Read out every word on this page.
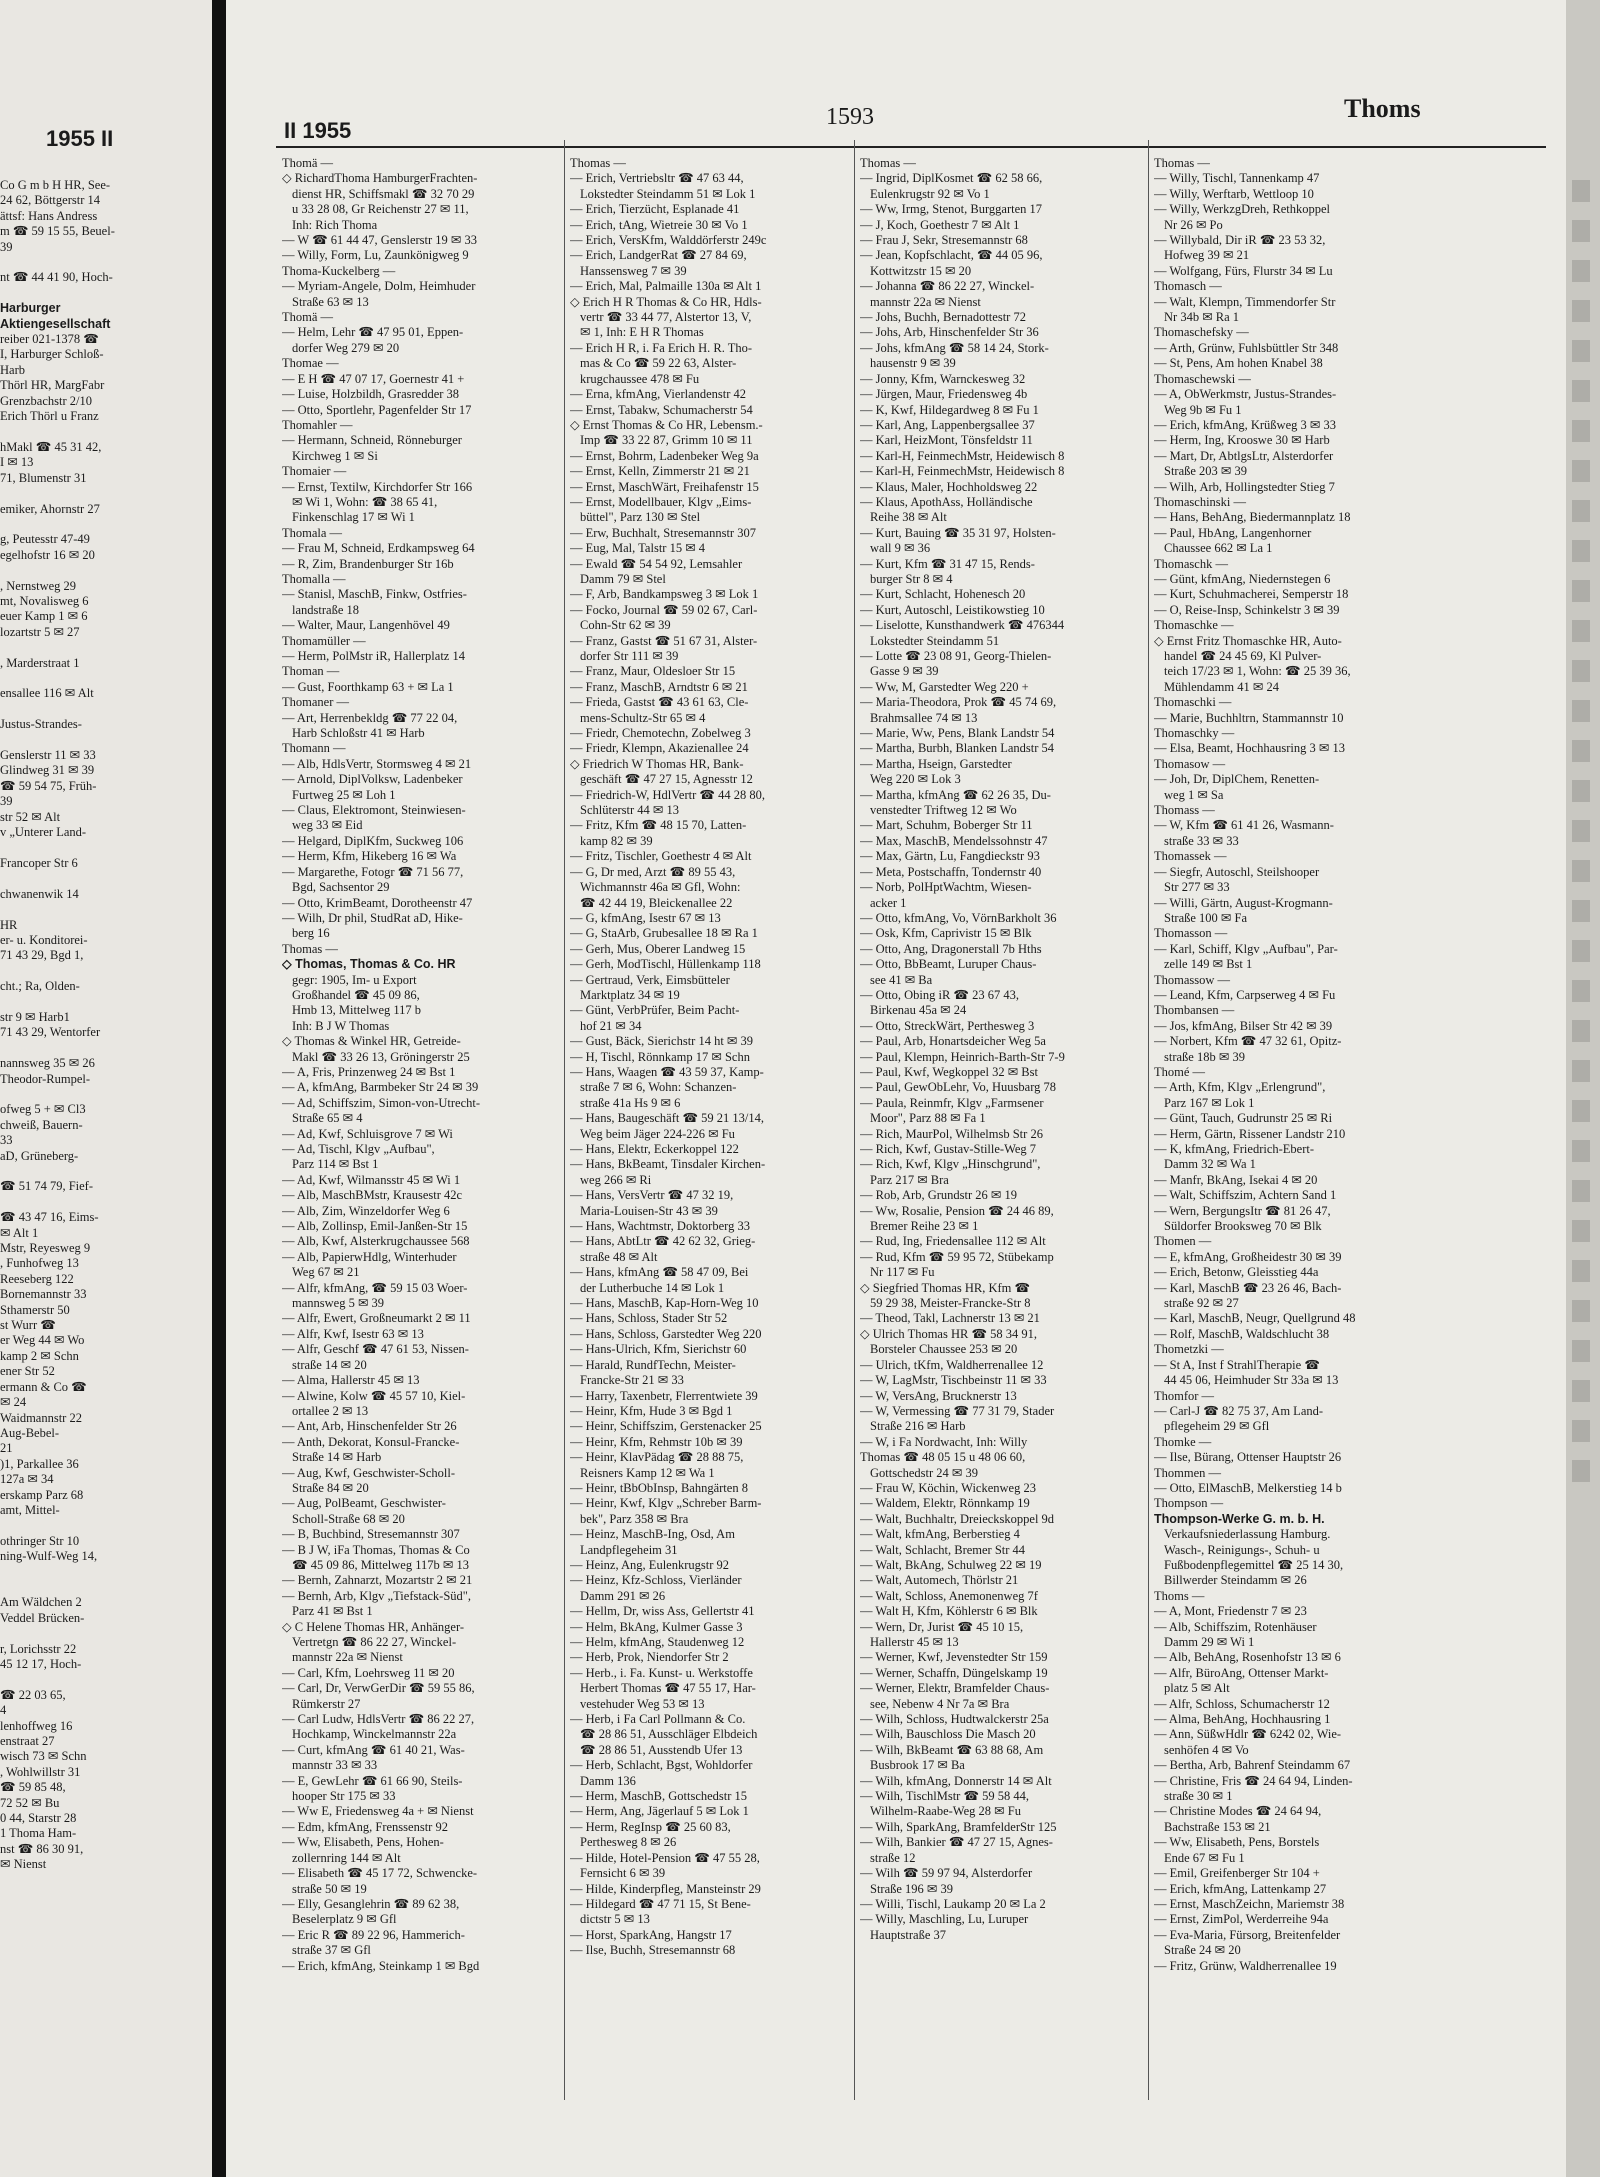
1955 II
Co G m b H HR, See-
24 62, Böttgerstr 14
ättsf: Hans Andress
m ☎ 59 15 55, Beuel-
39

nt ☎ 44 41 90, Hoch-

Harburger
Aktiengesellschaft
reiber 021-1378 ☎
I, Harburger Schloß-
Harb
Thörl HR, MargFabr
Grenzbachstr 2/10
Erich Thörl u Franz

hMakl ☎ 45 31 42,
I ✉ 13
71, Blumenstr 31

emiker, Ahornstr 27

g, Peutesstr 47-49
egelhofstr 16 ✉ 20

, Nernstweg 29
mt, Novalisweg 6
euer Kamp 1 ✉ 6
lozartstr 5 ✉ 27

, Marderstraat 1

ensallee 116 ✉ Alt

Justus-Strandes-

Genslerstr 11 ✉ 33
Glindweg 31 ✉ 39
☎ 59 54 75, Früh-
39
str 52 ✉ Alt
v „Unterer Land-

Francoper Str 6

chwanenwik 14

HR
er- u. Konditorei-
71 43 29, Bgd 1,

cht.; Ra, Olden-

str 9 ✉ Harb1
71 43 29, Wentorfer

nannsweg 35 ✉ 26
Theodor-Rumpel-

ofweg 5 + ✉ Cl3
chweiß, Bauern-
33
aD, Grüneberg-

☎ 51 74 79, Fief-

☎ 43 47 16, Eims-
✉ Alt 1
Mstr, Reyesweg 9
, Funhofweg 13
Reeseberg 122
Bornemannstr 33
Sthamerstr 50
st Wurr ☎
er Weg 44 ✉ Wo
kamp 2 ✉ Schn
ener Str 52
ermann & Co ☎
✉ 24
Waidmannstr 22
Aug-Bebel-
21
)1, Parkallee 36
127a ✉ 34
erskamp Parz 68
amt, Mittel-

othringer Str 10
ning-Wulf-Weg 14,

Am Wäldchen 2
Veddel Brücken-

r, Lorichsstr 22
45 12 17, Hoch-

☎ 22 03 65,
4
lenhoffweg 16
enstraat 27
wisch 73 ✉ Schn
, Wohlwillstr 31
☎ 59 85 48,
72 52 ✉ Bu
0 44, Starstr 28
1 Thoma Ham-
nst ☎ 86 30 91,
✉ Nienst
II 1955
1593	Thoms
Thomä —
◇ RichardThoma HamburgerFrachten-
dienst HR, Schiffsmakl ☎ 32 70 29
u 33 28 08, Gr Reichenstr 27 ✉ 11,
Inh: Rich Thoma
— W ☎ 61 44 47, Genslerstr 19 ✉ 33
— Willy, Form, Lu, Zaunkönigweg 9
Thoma-Kuckelberg —
— Myriam-Angele, Dolm, Heimhuder
Straße 63 ✉ 13
Thomä —
— Helm, Lehr ☎ 47 95 01, Eppen-
dorfer Weg 279 ✉ 20
Thomae —
— E H ☎ 47 07 17, Goernestr 41 +
— Luise, Holzbildh, Grasredder 38
— Otto, Sportlehr, Pagenfelder Str 17
Thomahler —
— Hermann, Schneid, Rönneburger
Kirchweg 1 ✉ Si
Thomaier —
— Ernst, Textilw, Kirchdorfer Str 166
✉ Wi 1, Wohn: ☎ 38 65 41,
Finkenschlag 17 ✉ Wi 1
Thomala —
— Frau M, Schneid, Erdkampsweg 64
— R, Zim, Brandenburger Str 16b
Thomalla —
— Stanisl, MaschB, Finkw, Ostfries-
landstraße 18
— Walter, Maur, Langenhövel 49
Thomamüller —
— Herm, PolMstr iR, Hallerplatz 14
Thoman —
— Gust, Foorthkamp 63 + ✉ La 1
Thomaner —
— Art, Herrenbekldg ☎ 77 22 04,
Harb Schloßstr 41 ✉ Harb
Thomann —
— Alb, HdlsVertr, Stormsweg 4 ✉ 21
— Arnold, DiplVolksw, Ladenbeker
Furtweg 25 ✉ Loh 1
— Claus, Elektromont, Steinwiesen-
weg 33 ✉ Eid
— Helgard, DiplKfm, Suckweg 106
— Herm, Kfm, Hikeberg 16 ✉ Wa
— Margarethe, Fotogr ☎ 71 56 77,
Bgd, Sachsentor 29
— Otto, KrimBeamt, Dorotheenstr 47
— Wilh, Dr phil, StudRat aD, Hike-
berg 16
Thomas —
◇ Thomas, Thomas & Co. HR
gegr: 1905, Im- u Export
Großhandel ☎ 45 09 86,
Hmb 13, Mittelweg 117 b
Inh: B J W Thomas
◇ Thomas & Winkel HR, Getreide-
Makl ☎ 33 26 13, Gröningerstr 25
— A, Fris, Prinzenweg 24 ✉ Bst 1
— A, kfmAng, Barmbeker Str 24 ✉ 39
— Ad, Schiffszim, Simon-von-Utrecht-
Straße 65 ✉ 4
— Ad, Kwf, Schluisgrove 7 ✉ Wi
— Ad, Tischl, Klgv „Aufbau",
Parz 114 ✉ Bst 1
— Ad, Kwf, Wilmansstr 45 ✉ Wi 1
— Alb, MaschBMstr, Krausestr 42c
— Alb, Zim, Winzeldorfer Weg 6
— Alb, Zollinsp, Emil-Janßen-Str 15
— Alb, Kwf, Alsterkrugchaussee 568
— Alb, PapierwHdlg, Winterhuder
Weg 67 ✉ 21
— Alfr, kfmAng, ☎ 59 15 03 Woer-
mannsweg 5 ✉ 39
— Alfr, Ewert, Großneumarkt 2 ✉ 11
— Alfr, Kwf, Isestr 63 ✉ 13
— Alfr, Geschf ☎ 47 61 53, Nissen-
straße 14 ✉ 20
— Alma, Hallerstr 45 ✉ 13
— Alwine, Kolw ☎ 45 57 10, Kiel-
ortallee 2 ✉ 13
— Ant, Arb, Hinschenfelder Str 26
— Anth, Dekorat, Konsul-Francke-
Straße 14 ✉ Harb
— Aug, Kwf, Geschwister-Scholl-
Straße 84 ✉ 20
— Aug, PolBeamt, Geschwister-
Scholl-Straße 68 ✉ 20
— B, Buchbind, Stresemannstr 307
— B J W, iFa Thomas, Thomas & Co
☎ 45 09 86, Mittelweg 117b ✉ 13
— Bernh, Zahnarzt, Mozartstr 2 ✉ 21
— Bernh, Arb, Klgv „Tiefstack-Süd",
Parz 41 ✉ Bst 1
◇ C Helene Thomas HR, Anhänger-
Vertretgn ☎ 86 22 27, Winckel-
mannstr 22a ✉ Nienst
— Carl, Kfm, Loehrsweg 11 ✉ 20
— Carl, Dr, VerwGerDir ☎ 59 55 86,
Rümkerstr 27
— Carl Ludw, HdlsVertr ☎ 86 22 27,
Hochkamp, Winckelmannstr 22a
— Curt, kfmAng ☎ 61 40 21, Was-
mannstr 33 ✉ 33
— E, GewLehr ☎ 61 66 90, Steils-
hooper Str 175 ✉ 33
— Ww E, Friedensweg 4a + ✉ Nienst
— Edm, kfmAng, Frenssenstr 92
— Ww, Elisabeth, Pens, Hohen-
zollernring 144 ✉ Alt
— Elisabeth ☎ 45 17 72, Schwencke-
straße 50 ✉ 19
— Elly, Gesanglehrin ☎ 89 62 38,
Beselerplatz 9 ✉ Gfl
— Eric R ☎ 89 22 96, Hammerich-
straße 37 ✉ Gfl
— Erich, kfmAng, Steinkamp 1 ✉ Bgd
Thomas —
— Erich, Vertriebsltr ☎ 47 63 44,
Lokstedter Steindamm 51 ✉ Lok 1
— Erich, Tierzücht, Esplanade 41
— Erich, tAng, Wietreie 30 ✉ Vo 1
— Erich, VersKfm, Walddörferstr 249c
— Erich, LandgerRat ☎ 27 84 69,
Hanssensweg 7 ✉ 39
— Erich, Mal, Palmaille 130a ✉ Alt 1
◇ Erich H R Thomas & Co HR, Hdls-
vertr ☎ 33 44 77, Alstertor 13, V,
✉ 1, Inh: E H R Thomas
— Erich H R, i. Fa Erich H. R. Tho-
mas & Co ☎ 59 22 63, Alster-
krugchaussee 478 ✉ Fu
— Erna, kfmAng, Vierlandenstr 42
— Ernst, Tabakw, Schumacherstr 54
◇ Ernst Thomas & Co HR, Lebensm.-
Imp ☎ 33 22 87, Grimm 10 ✉ 11
— Ernst, Bohrm, Ladenbeker Weg 9a
— Ernst, Kelln, Zimmerstr 21 ✉ 21
— Ernst, MaschWärt, Freihafenstr 15
— Ernst, Modellbauer, Klgv „Eims-
büttel", Parz 130 ✉ Stel
— Erw, Buchhalt, Stresemannstr 307
— Eug, Mal, Talstr 15 ✉ 4
— Ewald ☎ 54 54 92, Lemsahler
Damm 79 ✉ Stel
— F, Arb, Bandkampsweg 3 ✉ Lok 1
— Focko, Journal ☎ 59 02 67, Carl-
Cohn-Str 62 ✉ 39
— Franz, Gastst ☎ 51 67 31, Alster-
dorfer Str 111 ✉ 39
— Franz, Maur, Oldesloer Str 15
— Franz, MaschB, Arndtstr 6 ✉ 21
— Frieda, Gastst ☎ 43 61 63, Cle-
mens-Schultz-Str 65 ✉ 4
— Friedr, Chemotechn, Zobelweg 3
— Friedr, Klempn, Akazienallee 24
◇ Friedrich W Thomas HR, Bank-
geschäft ☎ 47 27 15, Agnesstr 12
— Friedrich-W, HdlVertr ☎ 44 28 80,
Schlüterstr 44 ✉ 13
— Fritz, Kfm ☎ 48 15 70, Latten-
kamp 82 ✉ 39
— Fritz, Tischler, Goethestr 4 ✉ Alt
— G, Dr med, Arzt ☎ 89 55 43,
Wichmannstr 46a ✉ Gfl, Wohn:
☎ 42 44 19, Bleickenallee 22
— G, kfmAng, Isestr 67 ✉ 13
— G, StaArb, Grubesallee 18 ✉ Ra 1
— Gerh, Mus, Oberer Landweg 15
— Gerh, ModTischl, Hüllenkamp 118
— Gertraud, Verk, Eimsbütteler
Marktplatz 34 ✉ 19
— Günt, VerbPrüfer, Beim Pacht-
hof 21 ✉ 34
— Gust, Bäck, Sierichstr 14 ht ✉ 39
— H, Tischl, Rönnkamp 17 ✉ Schn
— Hans, Waagen ☎ 43 59 37, Kamp-
straße 7 ✉ 6, Wohn: Schanzen-
straße 41a Hs 9 ✉ 6
— Hans, Baugeschäft ☎ 59 21 13/14,
Weg beim Jäger 224-226 ✉ Fu
— Hans, Elektr, Eckerkoppel 122
— Hans, BkBeamt, Tinsdaler Kirchen-
weg 266 ✉ Ri
— Hans, VersVertr ☎ 47 32 19,
Maria-Louisen-Str 43 ✉ 39
— Hans, Wachtmstr, Doktorberg 33
— Hans, AbtLtr ☎ 42 62 32, Grieg-
straße 48 ✉ Alt
— Hans, kfmAng ☎ 58 47 09, Bei
der Lutherbuche 14 ✉ Lok 1
— Hans, MaschB, Kap-Horn-Weg 10
— Hans, Schloss, Stader Str 52
— Hans, Schloss, Garstedter Weg 220
— Hans-Ulrich, Kfm, Sierichstr 60
— Harald, RundfTechn, Meister-
Francke-Str 21 ✉ 33
— Harry, Taxenbetr, Flerrentwiete 39
— Heinr, Kfm, Hude 3 ✉ Bgd 1
— Heinr, Schiffszim, Gerstenacker 25
— Heinr, Kfm, Rehmstr 10b ✉ 39
— Heinr, KlavPädag ☎ 28 88 75,
Reisners Kamp 12 ✉ Wa 1
— Heinr, tBbObInsp, Bahngärten 8
— Heinr, Kwf, Klgv „Schreber Barm-
bek", Parz 358 ✉ Bra
— Heinz, MaschB-Ing, Osd, Am
Landpflegeheim 31
— Heinz, Ang, Eulenkrugstr 92
— Heinz, Kfz-Schloss, Vierländer
Damm 291 ✉ 26
— Hellm, Dr, wiss Ass, Gellertstr 41
— Helm, BkAng, Kulmer Gasse 3
— Helm, kfmAng, Staudenweg 12
— Herb, Prok, Niendorfer Str 2
— Herb., i. Fa. Kunst- u. Werkstoffe
Herbert Thomas ☎ 47 55 17, Har-
vestehuder Weg 53 ✉ 13
— Herb, i Fa Carl Pollmann & Co.
☎ 28 86 51, Ausschläger Elbdeich
☎ 28 86 51, Ausstendb Ufer 13
— Herb, Schlacht, Bgst, Wohldorfer
Damm 136
— Herm, MaschB, Gottschedstr 15
— Herm, Ang, Jägerlauf 5 ✉ Lok 1
— Herm, RegInsp ☎ 25 60 83,
Perthesweg 8 ✉ 26
— Hilde, Hotel-Pension ☎ 47 55 28,
Fernsicht 6 ✉ 39
— Hilde, Kinderpfleg, Mansteinstr 29
— Hildegard ☎ 47 71 15, St Bene-
dictstr 5 ✉ 13
— Horst, SparkAng, Hangstr 17
— Ilse, Buchh, Stresemannstr 68
Thomas —
— Ingrid, DiplKosmet ☎ 62 58 66,
Eulenkrugstr 92 ✉ Vo 1
— Ww, Irmg, Stenot, Burggarten 17
— J, Koch, Goethestr 7 ✉ Alt 1
— Frau J, Sekr, Stresemannstr 68
— Jean, Kopfschlacht, ☎ 44 05 96,
Kottwitzstr 15 ✉ 20
— Johanna ☎ 86 22 27, Winckel-
mannstr 22a ✉ Nienst
— Johs, Buchh, Bernadottestr 72
— Johs, Arb, Hinschenfelder Str 36
— Johs, kfmAng ☎ 58 14 24, Stork-
hausenstr 9 ✉ 39
— Jonny, Kfm, Warnckesweg 32
— Jürgen, Maur, Friedensweg 4b
— K, Kwf, Hildegardweg 8 ✉ Fu 1
— Karl, Ang, Lappenbergsallee 37
— Karl, HeizMont, Tönsfeldstr 11
— Karl-H, FeinmechMstr, Heidewisch 8
— Karl-H, FeinmechMstr, Heidewisch 8
— Klaus, Maler, Hochholdsweg 22
— Klaus, ApothAss, Holländische
Reihe 38 ✉ Alt
— Kurt, Bauing ☎ 35 31 97, Holsten-
wall 9 ✉ 36
— Kurt, Kfm ☎ 31 47 15, Rends-
burger Str 8 ✉ 4
— Kurt, Schlacht, Hohenesch 20
— Kurt, Autoschl, Leistikowstieg 10
— Liselotte, Kunsthandwerk ☎ 476344
Lokstedter Steindamm 51
— Lotte ☎ 23 08 91, Georg-Thielen-
Gasse 9 ✉ 39
— Ww, M, Garstedter Weg 220 +
— Maria-Theodora, Prok ☎ 45 74 69,
Brahmsallee 74 ✉ 13
— Marie, Ww, Pens, Blank Landstr 54
— Martha, Burbh, Blanken Landstr 54
— Martha, Hseign, Garstedter
Weg 220 ✉ Lok 3
— Martha, kfmAng ☎ 62 26 35, Du-
venstedter Triftweg 12 ✉ Wo
— Mart, Schuhm, Boberger Str 11
— Max, MaschB, Mendelssohnstr 47
— Max, Gärtn, Lu, Fangdieckstr 93
— Meta, Postschaffn, Tondernstr 40
— Norb, PolHptWachtm, Wiesen-
acker 1
— Otto, kfmAng, Vo, VörnBarkholt 36
— Osk, Kfm, Caprivistr 15 ✉ Blk
— Otto, Ang, Dragonerstall 7b Hths
— Otto, BbBeamt, Luruper Chaus-
see 41 ✉ Ba
— Otto, Obing iR ☎ 23 67 43,
Birkenau 45a ✉ 24
— Otto, StreckWärt, Perthesweg 3
— Paul, Arb, Honartsdeicher Weg 5a
— Paul, Klempn, Heinrich-Barth-Str 7-9
— Paul, Kwf, Wegkoppel 32 ✉ Bst
— Paul, GewObLehr, Vo, Huusbarg 78
— Paula, Reinmfr, Klgv „Farmsener
Moor", Parz 88 ✉ Fa 1
— Rich, MaurPol, Wilhelmsb Str 26
— Rich, Kwf, Gustav-Stille-Weg 7
— Rich, Kwf, Klgv „Hinschgrund",
Parz 217 ✉ Bra
— Rob, Arb, Grundstr 26 ✉ 19
— Ww, Rosalie, Pension ☎ 24 46 89,
Bremer Reihe 23 ✉ 1
— Rud, Ing, Friedensallee 112 ✉ Alt
— Rud, Kfm ☎ 59 95 72, Stübekamp
Nr 117 ✉ Fu
◇ Siegfried Thomas HR, Kfm ☎
59 29 38, Meister-Francke-Str 8
— Theod, Takl, Lachnerstr 13 ✉ 21
◇ Ulrich Thomas HR ☎ 58 34 91,
Borsteler Chaussee 253 ✉ 20
— Ulrich, tKfm, Waldherrenallee 12
— W, LagMstr, Tischbeinstr 11 ✉ 33
— W, VersAng, Brucknerstr 13
— W, Vermessing ☎ 77 31 79, Stader
Straße 216 ✉ Harb
— W, i Fa Nordwacht, Inh: Willy
Thomas ☎ 48 05 15 u 48 06 60,
Gottschedstr 24 ✉ 39
— Frau W, Köchin, Wickenweg 23
— Waldem, Elektr, Rönnkamp 19
— Walt, Buchhaltr, Dreieckskoppel 9d
— Walt, kfmAng, Berberstieg 4
— Walt, Schlacht, Bremer Str 44
— Walt, BkAng, Schulweg 22 ✉ 19
— Walt, Automech, Thörlstr 21
— Walt, Schloss, Anemonenweg 7f
— Walt H, Kfm, Köhlerstr 6 ✉ Blk
— Wern, Dr, Jurist ☎ 45 10 15,
Hallerstr 45 ✉ 13
— Werner, Kwf, Jevenstedter Str 159
— Werner, Schaffn, Düngelskamp 19
— Werner, Elektr, Bramfelder Chaus-
see, Nebenw 4 Nr 7a ✉ Bra
— Wilh, Schloss, Hudtwalckerstr 25a
— Wilh, Bauschloss Die Masch 20
— Wilh, BkBeamt ☎ 63 88 68, Am
Busbrook 17 ✉ Ba
— Wilh, kfmAng, Donnerstr 14 ✉ Alt
— Wilh, TischlMstr ☎ 59 58 44,
Wilhelm-Raabe-Weg 28 ✉ Fu
— Wilh, SparkAng, BramfelderStr 125
— Wilh, Bankier ☎ 47 27 15, Agnes-
straße 12
— Wilh ☎ 59 97 94, Alsterdorfer
Straße 196 ✉ 39
— Willi, Tischl, Laukamp 20 ✉ La 2
— Willy, Maschling, Lu, Luruper
Hauptstraße 37
Thomas —
— Willy, Tischl, Tannenkamp 47
— Willy, Werftarb, Wettloop 10
— Willy, WerkzgDreh, Rethkoppel
Nr 26 ✉ Po
— Willybald, Dir iR ☎ 23 53 32,
Hofweg 39 ✉ 21
— Wolfgang, Fürs, Flurstr 34 ✉ Lu
Thomasch —
— Walt, Klempn, Timmendorfer Str
Nr 34b ✉ Ra 1
Thomaschefsky —
— Arth, Grünw, Fuhlsbüttler Str 348
— St, Pens, Am hohen Knabel 38
Thomaschewski —
— A, ObWerkmstr, Justus-Strandes-
Weg 9b ✉ Fu 1
— Erich, kfmAng, Krüßweg 3 ✉ 33
— Herm, Ing, Krooswe 30 ✉ Harb
— Mart, Dr, AbtlgsLtr, Alsterdorfer
Straße 203 ✉ 39
— Wilh, Arb, Hollingstedter Stieg 7
Thomaschinski —
— Hans, BehAng, Biedermannplatz 18
— Paul, HbAng, Langenhorner
Chaussee 662 ✉ La 1
Thomaschk —
— Günt, kfmAng, Niedernstegen 6
— Kurt, Schuhmacherei, Semperstr 18
— O, Reise-Insp, Schinkelstr 3 ✉ 39
Thomaschke —
◇ Ernst Fritz Thomaschke HR, Auto-
handel ☎ 24 45 69, Kl Pulver-
teich 17/23 ✉ 1, Wohn: ☎ 25 39 36,
Mühlendamm 41 ✉ 24
Thomaschki —
— Marie, Buchhltrn, Stammannstr 10
Thomaschky —
— Elsa, Beamt, Hochhausring 3 ✉ 13
Thomasow —
— Joh, Dr, DiplChem, Renetten-
weg 1 ✉ Sa
Thomass —
— W, Kfm ☎ 61 41 26, Wasmann-
straße 33 ✉ 33
Thomassek —
— Siegfr, Autoschl, Steilshooper
Str 277 ✉ 33
— Willi, Gärtn, August-Krogmann-
Straße 100 ✉ Fa
Thomasson —
— Karl, Schiff, Klgv „Aufbau", Par-
zelle 149 ✉ Bst 1
Thomassow —
— Leand, Kfm, Carpserweg 4 ✉ Fu
Thombansen —
— Jos, kfmAng, Bilser Str 42 ✉ 39
— Norbert, Kfm ☎ 47 32 61, Opitz-
straße 18b ✉ 39
Thomé —
— Arth, Kfm, Klgv „Erlengrund",
Parz 167 ✉ Lok 1
— Günt, Tauch, Gudrunstr 25 ✉ Ri
— Herm, Gärtn, Rissener Landstr 210
— K, kfmAng, Friedrich-Ebert-
Damm 32 ✉ Wa 1
— Manfr, BkAng, Isekai 4 ✉ 20
— Walt, Schiffszim, Achtern Sand 1
— Wern, BergungsItr ☎ 81 26 47,
Süldorfer Brooksweg 70 ✉ Blk
Thomen —
— E, kfmAng, Großheidestr 30 ✉ 39
— Erich, Betonw, Gleisstieg 44a
— Karl, MaschB ☎ 23 26 46, Bach-
straße 92 ✉ 27
— Karl, MaschB, Neugr, Quellgrund 48
— Rolf, MaschB, Waldschlucht 38
Thometzki —
— St A, Inst f StrahlTherapie ☎
44 45 06, Heimhuder Str 33a ✉ 13
Thomfor —
— Carl-J ☎ 82 75 37, Am Land-
pflegeheim 29 ✉ Gfl
Thomke —
— Ilse, Bürang, Ottenser Hauptstr 26
Thommen —
— Otto, ElMaschB, Melkerstieg 14 b
Thompson —
Thompson-Werke G. m. b. H.
Verkaufsniederlassung Hamburg.
Wasch-, Reinigungs-, Schuh- u
Fußbodenpflegemittel ☎ 25 14 30,
Billwerder Steindamm ✉ 26
Thoms —
— A, Mont, Friedenstr 7 ✉ 23
— Alb, Schiffszim, Rotenhäuser
Damm 29 ✉ Wi 1
— Alb, BehAng, Rosenhofstr 13 ✉ 6
— Alfr, BüroAng, Ottenser Markt-
platz 5 ✉ Alt
— Alfr, Schloss, Schumacherstr 12
— Alma, BehAng, Hochhausring 1
— Ann, SüßwHdlr ☎ 6242 02, Wie-
senhöfen 4 ✉ Vo
— Bertha, Arb, Bahrenf Steindamm 67
— Christine, Fris ☎ 24 64 94, Linden-
straße 30 ✉ 1
— Christine Modes ☎ 24 64 94,
Bachstraße 153 ✉ 21
— Ww, Elisabeth, Pens, Borstels
Ende 67 ✉ Fu 1
— Emil, Greifenberger Str 104 +
— Erich, kfmAng, Lattenkamp 27
— Ernst, MaschZeichn, Mariemstr 38
— Ernst, ZimPol, Werderreihe 94a
— Eva-Maria, Fürsorg, Breitenfelder
Straße 24 ✉ 20
— Fritz, Grünw, Waldherrenallee 19
